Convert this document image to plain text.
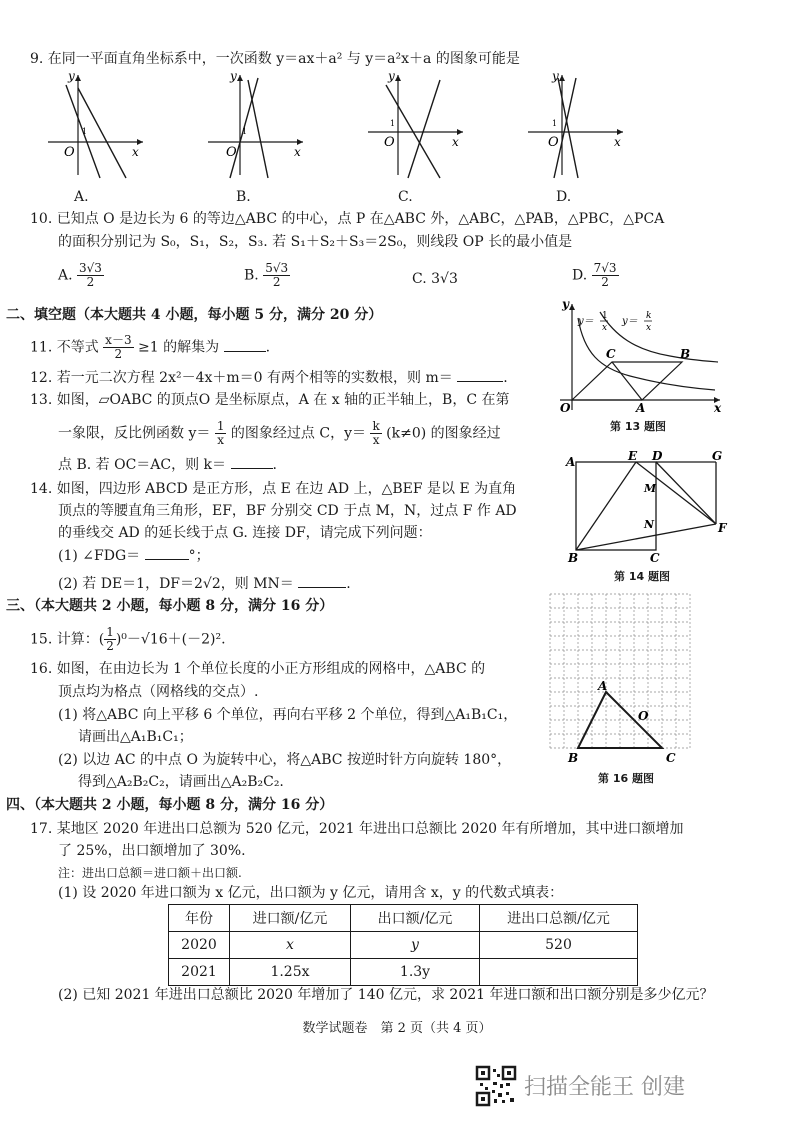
9. 在同一平面直角坐标系中，一次函数 y＝ax＋a² 与 y＝a²x＋a 的图象可能是
y
x
O
1
A.
y
x
O
1
B.
y
x
O
1
C.
y
x
O
1
D.
10. 已知点 O 是边长为 6 的等边△ABC 的中心，点 P 在△ABC 外，△ABC，△PAB，△PBC，△PCA
的面积分别记为 S₀，S₁，S₂，S₃. 若 S₁＋S₂＋S₃＝2S₀，则线段 OP 长的最小值是
A. $\frac{3√3}{2}$	B. $\frac{5√3}{2}$	C. 3√3	D. $\frac{7√3}{2}$
二、填空题（本大题共 4 小题，每小题 5 分，满分 20 分）
11. 不等式 $\frac{x-3}{2} \ge 1$ 的解集为	.
12. 若一元二次方程 2x²－4x＋m＝0 有两个相等的实数根，则 m＝	.
13. 如图，▱OABC 的顶点O 是坐标原点，A 在 x 轴的正半轴上，B，C 在第
一象限，反比例函数 $y= \frac{1}{x}$ 的图象经过点 C，$y= \frac{k}{x} (k\ne 0)$ 的图象经过
点 B. 若 OC＝AC，则 k＝	.
14. 如图，四边形 ABCD 是正方形，点 E 在边 AD 上，△BEF 是以 E 为直角
顶点的等腰直角三角形，EF，BF 分别交 CD 于点 M，N，过点 F 作 AD
的垂线交 AD 的延长线于点 G. 连接 DF，请完成下列问题：
(1) ∠FDG＝	°；
(2) 若 DE＝1，DF＝2√2，则 MN＝	.
y＝ 1
x
y＝ k
x
y
x
O	A
B
C
第 13 题图
A	E D	G
M
N	F
B	C
第 14 题图
三、（本大题共 2 小题，每小题 8 分，满分 16 分）
15. 计算：( $\frac{1}{2} )^0-√16+(-2)^2$.
16. 如图，在由边长为 1 个单位长度的小正方形组成的网格中，△ABC 的
顶点均为格点（网格线的交点）.
(1) 将△ABC 向上平移 6 个单位，再向右平移 2 个单位，得到△A₁B₁C₁，
请画出△A₁B₁C₁；
(2) 以边 AC 的中点 O 为旋转中心，将△ABC 按逆时针方向旋转 180°，
得到△A₂B₂C₂，请画出△A₂B₂C₂.
A
O
B	C
第 16 题图
四、（本大题共 2 小题，每小题 8 分，满分 16 分）
17. 某地区 2020 年进出口总额为 520 亿元，2021 年进出口总额比 2020 年有所增加，其中进口额增加
了 25%，出口额增加了 30%.
注：进出口总额＝进口额＋出口额.
(1) 设 2020 年进口额为 x 亿元，出口额为 y 亿元，请用含 x，y 的代数式填表：
年份	进口额/亿元	出口额/亿元	进出口总额/亿元
2020	x	y	520
2021	1.25x	1.3y	
(2) 已知 2021 年进出口总额比 2020 年增加了 140 亿元，求 2021 年进口额和出口额分别是多少亿元？
数学试题卷　第 2 页（共 4 页）
扫描全能王 创建
